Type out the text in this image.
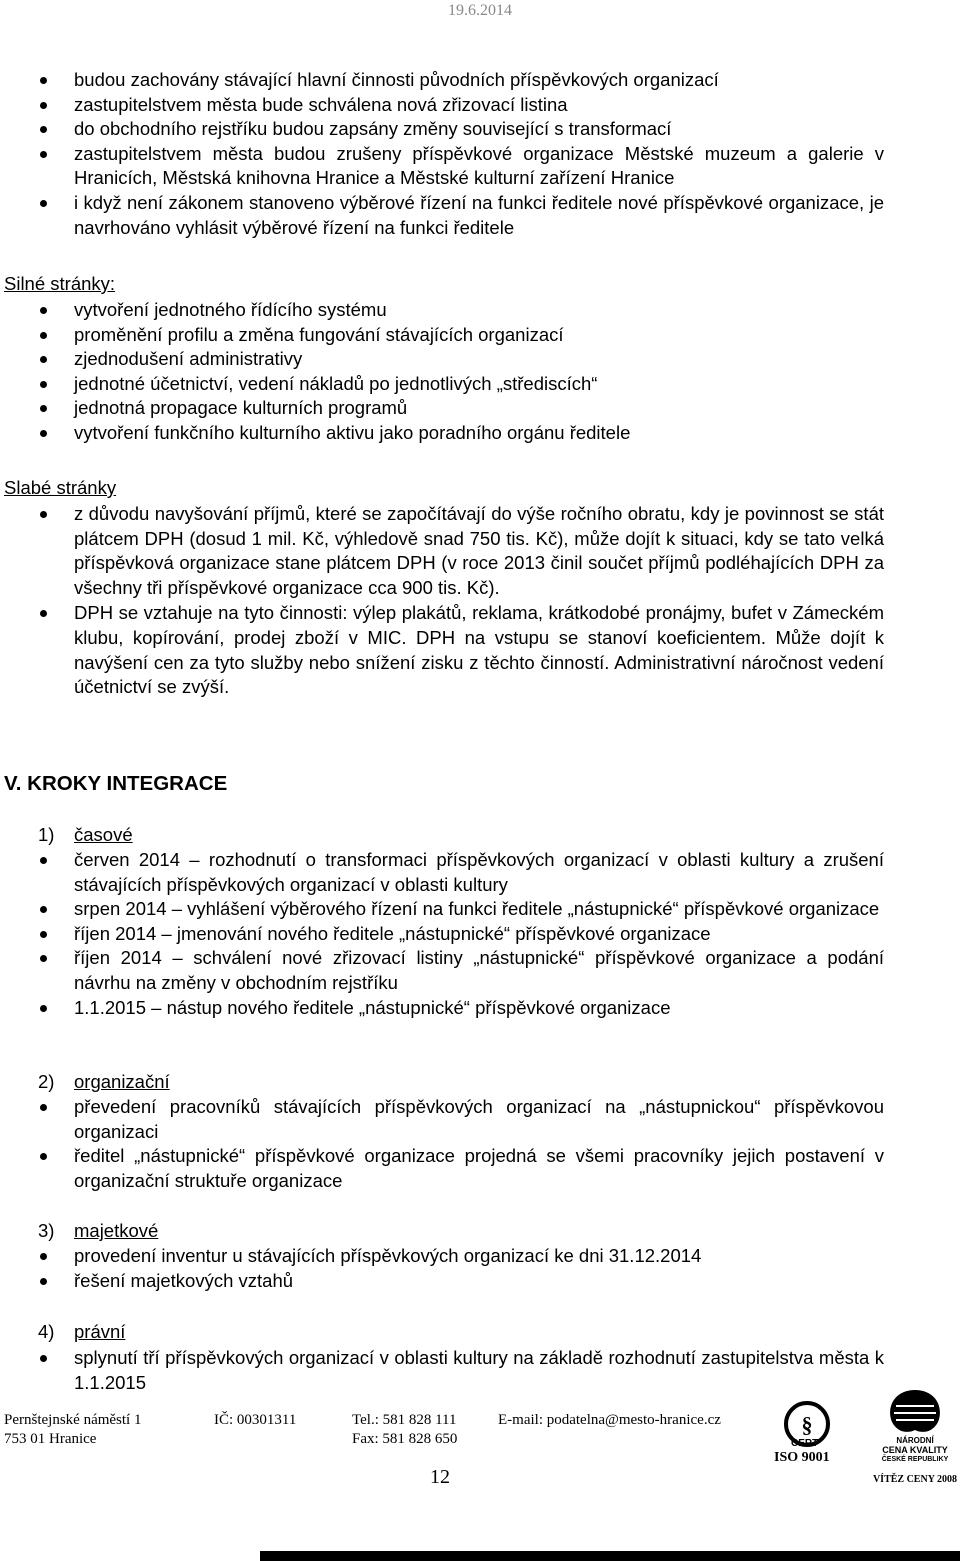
19.6.2014
budou zachovány stávající hlavní činnosti původních příspěvkových organizací
zastupitelstvem města bude schválena nová zřizovací listina
do obchodního rejstříku budou zapsány změny související s transformací
zastupitelstvem města budou zrušeny příspěvkové organizace Městské muzeum a galerie v Hranicích, Městská knihovna Hranice a Městské kulturní zařízení Hranice
i když není zákonem stanoveno výběrové řízení na funkci ředitele nové příspěvkové organizace, je navrhováno vyhlásit výběrové řízení na funkci ředitele
Silné stránky:
vytvoření jednotného řídícího systému
proměnění profilu a změna fungování stávajících organizací
zjednodušení administrativy
jednotné účetnictví, vedení nákladů po jednotlivých „střediscích“
jednotná propagace kulturních programů
vytvoření funkčního kulturního aktivu jako poradního orgánu ředitele
Slabé stránky
z důvodu navyšování příjmů, které se započítávají do výše ročního obratu, kdy je povinnost se stát plátcem DPH (dosud 1 mil. Kč, výhledově snad 750 tis. Kč), může dojít k situaci, kdy se tato velká příspěvková organizace stane plátcem DPH (v roce 2013 činil součet příjmů podléhajících DPH za všechny tři příspěvkové organizace cca 900 tis. Kč).
DPH se vztahuje na tyto činnosti: výlep plakátů, reklama, krátkodobé pronájmy, bufet v Zámeckém klubu, kopírování, prodej zboží v MIC. DPH na vstupu se stanoví koeficientem. Může dojít k navýšení cen za tyto služby nebo snížení zisku z těchto činností. Administrativní náročnost vedení účetnictví se zvýší.
V. KROKY INTEGRACE
1) časové
červen 2014 – rozhodnutí o transformaci příspěvkových organizací v oblasti kultury a zrušení stávajících příspěvkových organizací v oblasti kultury
srpen 2014 – vyhlášení výběrového řízení na funkci ředitele „nástupnické“ příspěvkové organizace
říjen 2014 – jmenování nového ředitele „nástupnické“ příspěvkové organizace
říjen 2014 – schválení nové zřizovací listiny „nástupnické“ příspěvkové organizace a podání návrhu na změny v obchodním rejstříku
1.1.2015 – nástup nového ředitele „nástupnické“ příspěvkové organizace
2) organizační
převedení pracovníků stávajících příspěvkových organizací na „nástupnickou“ příspěvkovou organizaci
ředitel „nástupnické“ příspěvkové organizace projedná se všemi pracovníky jejich postavení v organizační struktuře organizace
3) majetkové
provedení inventur u stávajících příspěvkových organizací ke dni 31.12.2014
řešení majetkových vztahů
4) právní
splynutí tří příspěvkových organizací v oblasti kultury na základě rozhodnutí zastupitelstva města k 1.1.2015
Pernštejnské náměstí 1
753 01 Hranice
IČ: 00301311	Tel.: 581 828 111
Fax: 581 828 650
E-mail: podatelna@mesto-hranice.cz
12
§
CERT
ISO 9001
NÁRODNÍ
CENA KVALITY
ČESKÉ REPUBLIKY
VÍTĚZ CENY 2008
